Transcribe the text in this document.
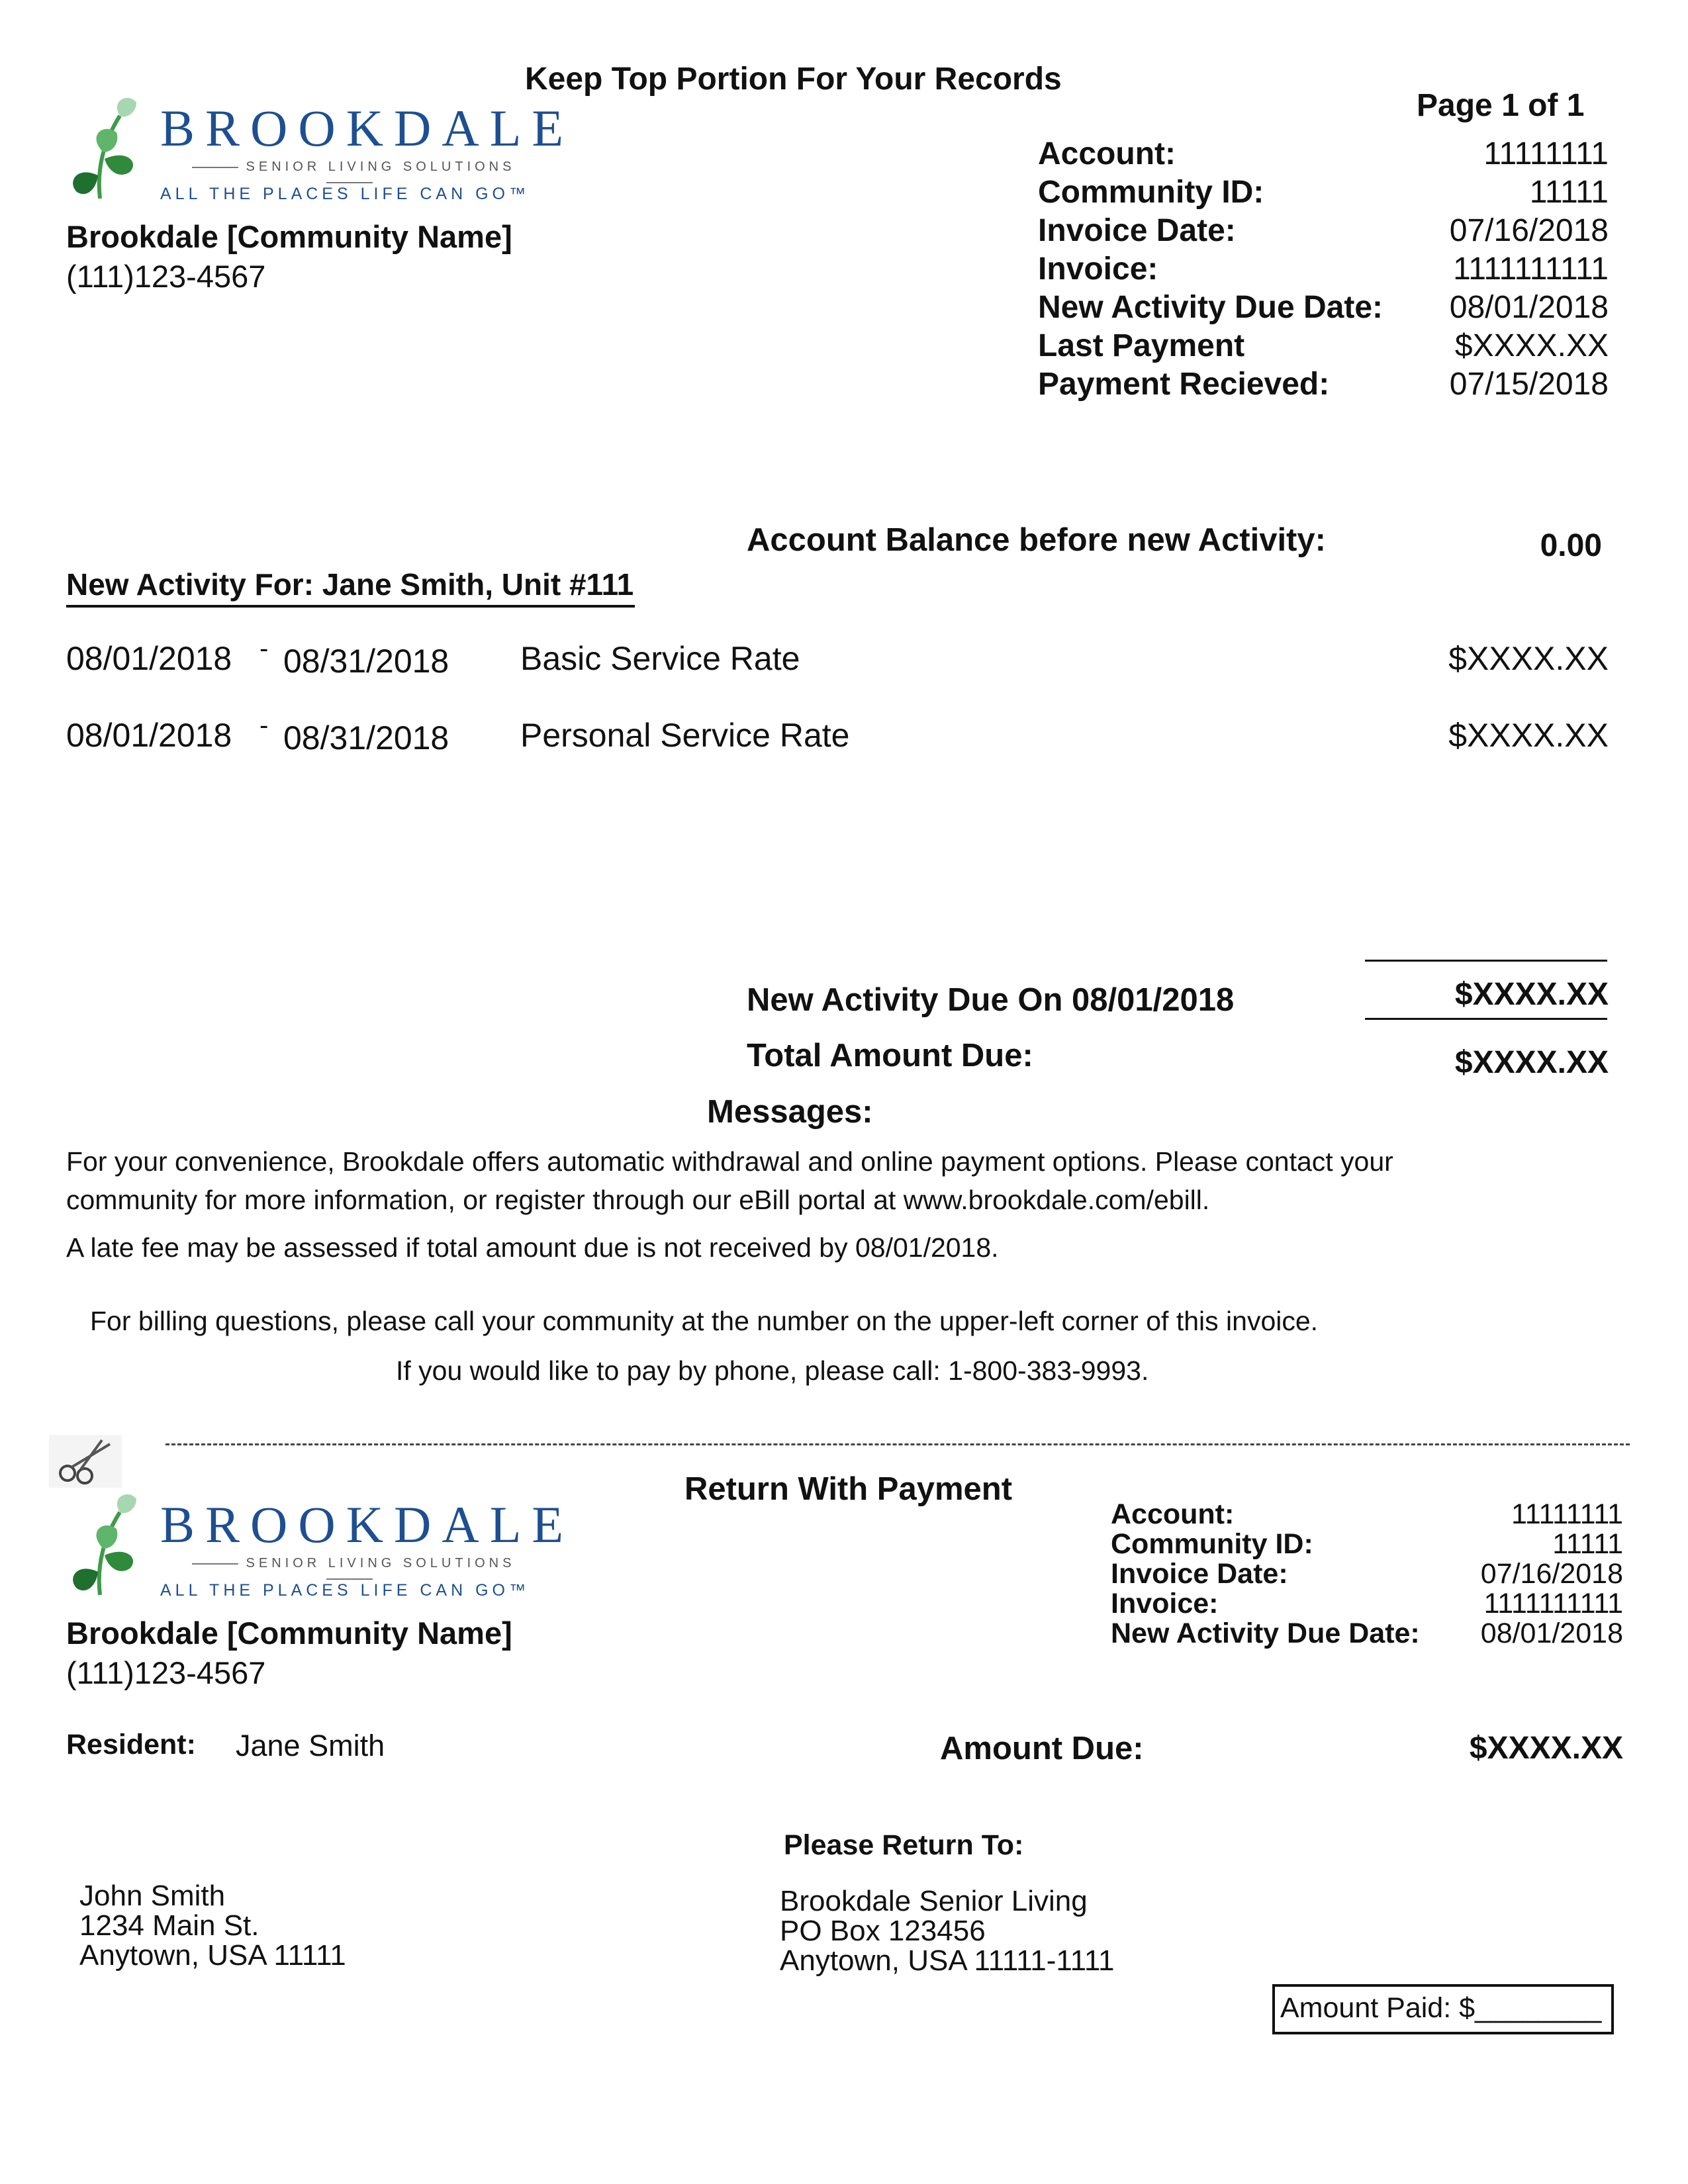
Keep Top Portion For Your Records
Page 1 of 1
BROOKDALE
SENIOR LIVING SOLUTIONS
ALL THE PLACES LIFE CAN GO™
Brookdale [Community Name]
(111)123-4567
Account:	11111111
Community ID:	11111
Invoice Date:	07/16/2018
Invoice:	1111111111
New Activity Due Date: 08/01/2018
Last Payment	$XXXX.XX
Payment Recieved:	07/15/2018
Account Balance before new Activity:	0.00
New Activity For: Jane Smith, Unit #111
08/01/2018 - 08/31/2018 Basic Service Rate	$XXXX.XX
08/01/2018 - 08/31/2018 Personal Service Rate	$XXXX.XX
New Activity Due On 08/01/2018	$XXXX.XX
Total Amount Due:	$XXXX.XX
Messages:
For your convenience, Brookdale offers automatic withdrawal and online payment options. Please contact your
community for more information, or register through our eBill portal at www.brookdale.com/ebill.
A late fee may be assessed if total amount due is not received by 08/01/2018.
For billing questions, please call your community at the number on the upper-left corner of this invoice.
If you would like to pay by phone, please call: 1-800-383-9993.
Return With Payment
BROOKDALE
SENIOR LIVING SOLUTIONS
ALL THE PLACES LIFE CAN GO™
Brookdale [Community Name]
(111)123-4567
Account:	11111111
Community ID:	11111
Invoice Date:	07/16/2018
Invoice:	1111111111
New Activity Due Date: 08/01/2018
Resident: Jane Smith	Amount Due:	$XXXX.XX
Please Return To:
John Smith
1234 Main St.
Anytown, USA 11111
Brookdale Senior Living
PO Box 123456
Anytown, USA 11111-1111
Amount Paid: $________
